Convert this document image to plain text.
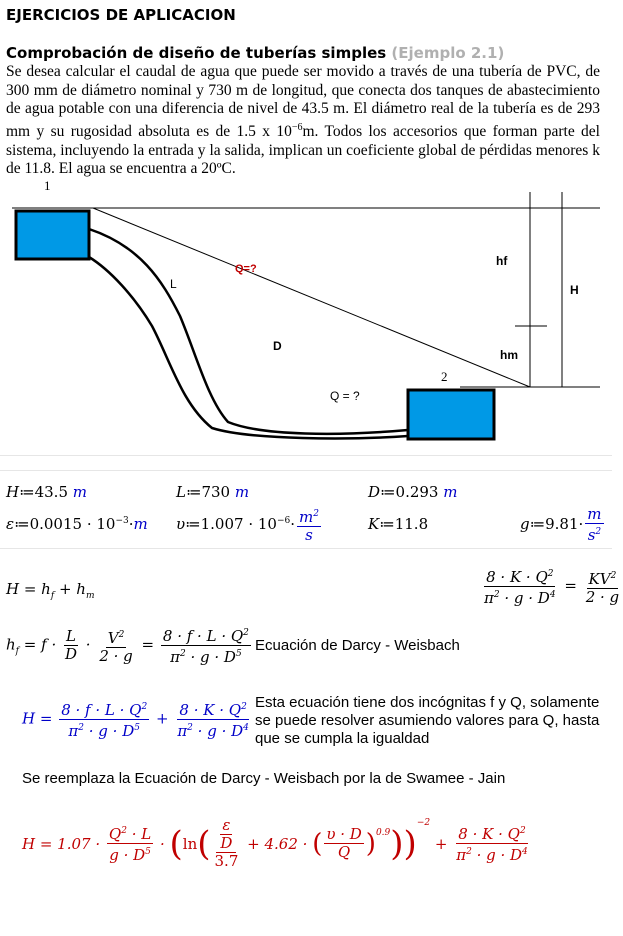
EJERCICIOS DE APLICACION
Comprobación de diseño de tuberías simples (Ejemplo 2.1)
Se desea calcular el caudal de agua que puede ser movido a través de una tubería de PVC, de 300 mm de diámetro nominal y 730 m de longitud, que conecta dos tanques de abastecimiento de agua potable con una diferencia de nivel de 43.5 m. El diámetro real de la tubería es de 293 mm y su rugosidad absoluta es de 1.5 x $10^{-6}m$. Todos los accesorios que forman parte del sistema, incluyendo la entrada y la salida, implican un coeficiente global de pérdidas menores k de 11.8. El agua se encuentra a 20ºC.
1
2
L
D
Q=?
Q = ?
hf
hm
H
H≔43.5 m	L≔730 m	D≔0.293 m
ε≔0.0015 · $10^{-3}\cdot m$ υ≔1.007 · $10^{-6}\cdot \frac{m^2}{s}$	K≔11.8	g≔9.81· $\frac{m}{s^2}$
$H = h_f + h_m$	$\frac{8 \cdot K \cdot Q^2}{\pi^2 \cdot g \cdot D^4} = \frac{KV^2}{2 \cdot g}$
$h_f = f \cdot \frac{L}{D} \cdot \frac{V^2}{2 \cdot g} = \frac{8 \cdot f \cdot L \cdot Q^2}{\pi^2 \cdot g \cdot D^5}$ Ecuación de Darcy - Weisbach
$H = \frac{8 \cdot f \cdot L \cdot Q^2}{\pi^2 \cdot g \cdot D^5} + \frac{8 \cdot K \cdot Q^2}{\pi^2 \cdot g \cdot D^4}$ Esta ecuación tiene dos incógnitas f y Q, solamente
se puede resolver asumiendo valores para Q, hasta
que se cumpla la igualdad
Se reemplaza la Ecuación de Darcy - Weisbach por la de Swamee - Jain
$H = 1.07 \cdot \frac{Q^2 \cdot L}{g \cdot D^5}$ · ( ln ( $\frac{\frac{\varepsilon}{D}}{3.7} + 4.62$ · ( $\frac{\upsilon \cdot D}{Q} )^{0.9}$ ) )
−2
+ $\frac{8 \cdot K \cdot Q^2}{\pi^2 \cdot g \cdot D^4}$
